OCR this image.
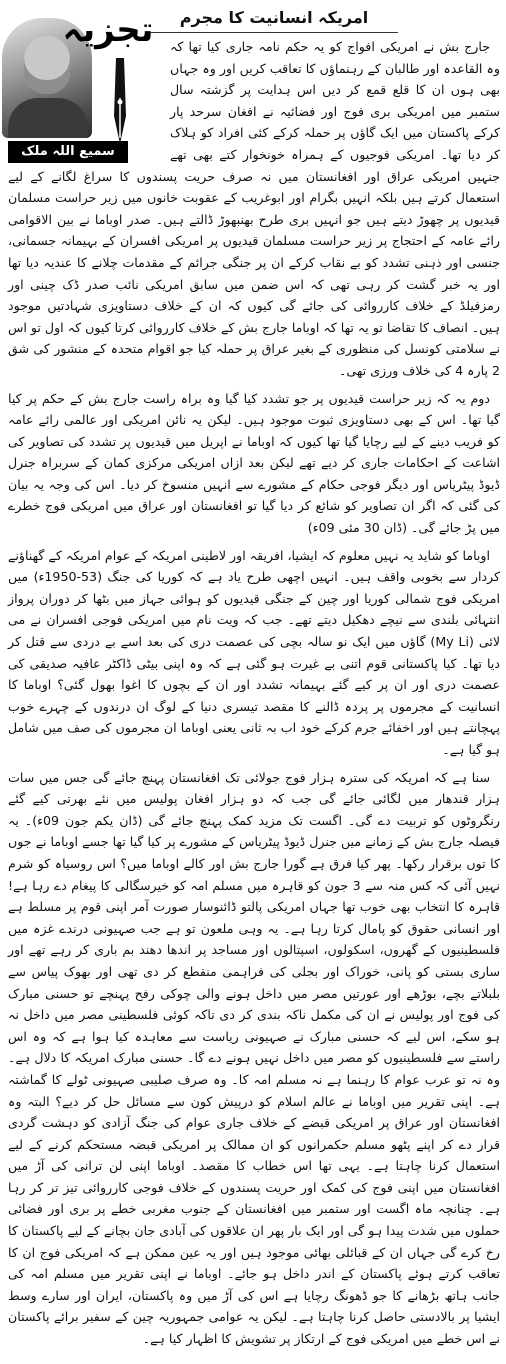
تجزیہ
سمیع اللہ ملک
امریکہ انسانیت کا مجرم

جارج بش نے امریکی افواج کو یہ حکم نامہ جاری کیا تھا کہ وہ القاعدہ اور طالبان کے رہنماؤں کا تعاقب کریں اور وہ جہاں بھی ہوں ان کا قلع قمع کر دیں اس ہدایت پر گزشتہ سال ستمبر میں امریکی بری فوج اور فضائیہ نے افغان سرحد پار کرکے پاکستان میں ایک گاؤں پر حملہ کرکے کئی افراد کو ہلاک کر دیا تھا۔ امریکی فوجیوں کے ہمراہ خونخوار کتے بھی تھے جنہیں امریکی عراق اور افغانستان میں نہ صرف حریت پسندوں کا سراغ لگانے کے لیے استعمال کرتے ہیں بلکہ انہیں بگرام اور ابوغریب کے عقوبت خانوں میں زیر حراست مسلمان قیدیوں پر چھوڑ دیتے ہیں جو انہیں بری طرح بھنبھوڑ ڈالتے ہیں۔ صدر اوباما نے بین الاقوامی رائے عامہ کے احتجاج پر زیر حراست مسلمان قیدیوں پر امریکی افسران کے بہیمانہ جسمانی، جنسی اور ذہنی تشدد کو بے نقاب کرکے ان پر جنگی جرائم کے مقدمات چلانے کا عندیہ دیا تھا اور یہ خبر گشت کر رہی تھی کہ اس ضمن میں سابق امریکی نائب صدر ڈک چینی اور رمزفیلڈ کے خلاف کارروائی کی جائے گی کیوں کہ ان کے خلاف دستاویزی شہادتیں موجود ہیں۔ انصاف کا تقاضا تو یہ تھا کہ اوباما جارج بش کے خلاف کارروائی کرتا کیوں کہ اول تو اس نے سلامتی کونسل کی منظوری کے بغیر عراق پر حملہ کیا جو اقوام متحدہ کے منشور کی شق 2 پارہ 4 کی خلاف ورزی تھی۔

دوم یہ کہ زیر حراست قیدیوں پر جو تشدد کیا گیا وہ براہ راست جارج بش کے حکم پر کیا گیا تھا۔ اس کے بھی دستاویزی ثبوت موجود ہیں۔ لیکن یہ نائن امریکی اور عالمی رائے عامہ کو فریب دینے کے لیے رچایا گیا تھا کیوں کہ اوباما نے اپریل میں قیدیوں پر تشدد کی تصاویر کی اشاعت کے احکامات جاری کر دیے تھے لیکن بعد ازاں امریکی مرکزی کمان کے سربراہ جنرل ڈیوڈ پیٹریاس اور دیگر فوجی حکام کے مشورے سے انہیں منسوخ کر دیا۔ اس کی وجہ یہ بیان کی گئی کہ اگر ان تصاویر کو شائع کر دیا گیا تو افغانستان اور عراق میں امریکی فوج خطرے میں پڑ جائے گی۔ (ڈان 30 مئی 09ء)

اوباما کو شاید یہ نہیں معلوم کہ ایشیا، افریقہ اور لاطینی امریکہ کے عوام امریکہ کے گھناؤنے کردار سے بخوبی واقف ہیں۔ انہیں اچھی طرح یاد ہے کہ کوریا کی جنگ (53-1950ء) میں امریکی فوج شمالی کوریا اور چین کے جنگی قیدیوں کو ہوائی جہاز میں بٹھا کر دوران پرواز انتہائی بلندی سے نیچے دھکیل دیتے تھے۔ جب کہ ویت نام میں امریکی فوجی افسران نے می لائی (My Li) گاؤں میں ایک نو سالہ بچی کی عصمت دری کی بعد اسے بے دردی سے قتل کر دیا تھا۔ کیا پاکستانی قوم اتنی بے غیرت ہو گئی ہے کہ وہ اپنی بیٹی ڈاکٹر عافیہ صدیقی کی عصمت دری اور ان پر کیے گئے بہیمانہ تشدد اور ان کے بچوں کا اغوا بھول گئی؟ اوباما کا انسانیت کے مجرموں پر پردہ ڈالنے کا مقصد تیسری دنیا کے لوگ ان درندوں کے چہرے خوب پہچانتے ہیں اور اخفائے جرم کرکے خود اب بہ ثانی یعنی اوباما ان مجرموں کی صف میں شامل ہو گیا ہے۔

سنا ہے کہ امریکہ کی سترہ ہزار فوج جولائی تک افغانستان پہنچ جائے گی جس میں سات ہزار قندھار میں لگائی جائے گی جب کہ دو ہزار افغان پولیس میں نئے بھرتی کیے گئے رنگروٹوں کو تربیت دے گی۔ اگست تک مزید کمک پہنچ جائے گی (ڈان یکم جون 09ء)۔ یہ فیصلہ جارج بش کے زمانے میں جنرل ڈیوڈ پیٹریاس کے مشورے پر کیا گیا تھا جسے اوباما نے جوں کا توں برقرار رکھا۔ پھر کیا فرق ہے گورا جارج بش اور کالے اوباما میں؟ اس روسیاہ کو شرم نہیں آئی کہ کس منہ سے 3 جون کو قاہرہ میں مسلم امہ کو خیرسگالی کا پیغام دے رہا ہے! قاہرہ کا انتخاب بھی خوب تھا جہاں امریکی پالتو ڈائنوسار صورت آمر اپنی قوم پر مسلط ہے اور انسانی حقوق کو پامال کرتا رہا ہے۔ یہ وہی ملعون تو ہے جب صہیونی درندے غزہ میں فلسطینیوں کے گھروں، اسکولوں، اسپتالوں اور مساجد پر اندھا دھند بم باری کر رہے تھے اور ساری بستی کو پانی، خوراک اور بجلی کی فراہمی منقطع کر دی تھی اور بھوک پیاس سے بلبلاتے بچے، بوڑھے اور عورتیں مصر میں داخل ہونے والی چوکی رفح پہنچے تو حسنی مبارک کی فوج اور پولیس نے ان کی مکمل ناکہ بندی کر دی تاکہ کوئی فلسطینی مصر میں داخل نہ ہو سکے، اس لیے کہ حسنی مبارک نے صہیونی ریاست سے معاہدہ کیا ہوا ہے کہ وہ اس راستے سے فلسطینیوں کو مصر میں داخل نہیں ہونے دے گا۔ حسنی مبارک امریکہ کا دلال ہے۔ وہ نہ تو عرب عوام کا رہنما ہے نہ مسلم امہ کا۔ وہ صرف صلیبی صہیونی ٹولے کا گماشتہ ہے۔ اپنی تقریر میں اوباما نے عالم اسلام کو درپیش کون سے مسائل حل کر دیے؟ البتہ وہ افغانستان اور عراق پر امریکی قبضے کے خلاف جاری عوام کی جنگ آزادی کو دہشت گردی قرار دے کر اپنے پٹھو مسلم حکمرانوں کو ان ممالک پر امریکی قبضہ مستحکم کرنے کے لیے استعمال کرنا چاہتا ہے۔ یہی تھا اس خطاب کا مقصد۔ اوباما اپنی لن ترانی کی آڑ میں افغانستان میں اپنی فوج کی کمک اور حریت پسندوں کے خلاف فوجی کارروائی تیز تر کر رہا ہے۔ چنانچہ ماہ اگست اور ستمبر میں افغانستان کے جنوب مغربی خطے پر بری اور فضائی حملوں میں شدت پیدا ہو گی اور ایک بار پھر ان علاقوں کی آبادی جان بچانے کے لیے پاکستان کا رخ کرے گی جہاں ان کے قبائلی بھائی موجود ہیں اور یہ عین ممکن ہے کہ امریکی فوج ان کا تعاقب کرتے ہوئے پاکستان کے اندر داخل ہو جائے۔ اوباما نے اپنی تقریر میں مسلم امہ کی جانب ہاتھ بڑھانے کا جو ڈھونگ رچایا ہے اس کی آڑ میں وہ پاکستان، ایران اور سارے وسط ایشیا پر بالادستی حاصل کرنا چاہتا ہے۔ لیکن یہ عوامی جمہوریہ چین کے سفیر برائے پاکستان نے اس خطے میں امریکی فوج کے ارتکاز پر تشویش کا اظہار کیا ہے۔
